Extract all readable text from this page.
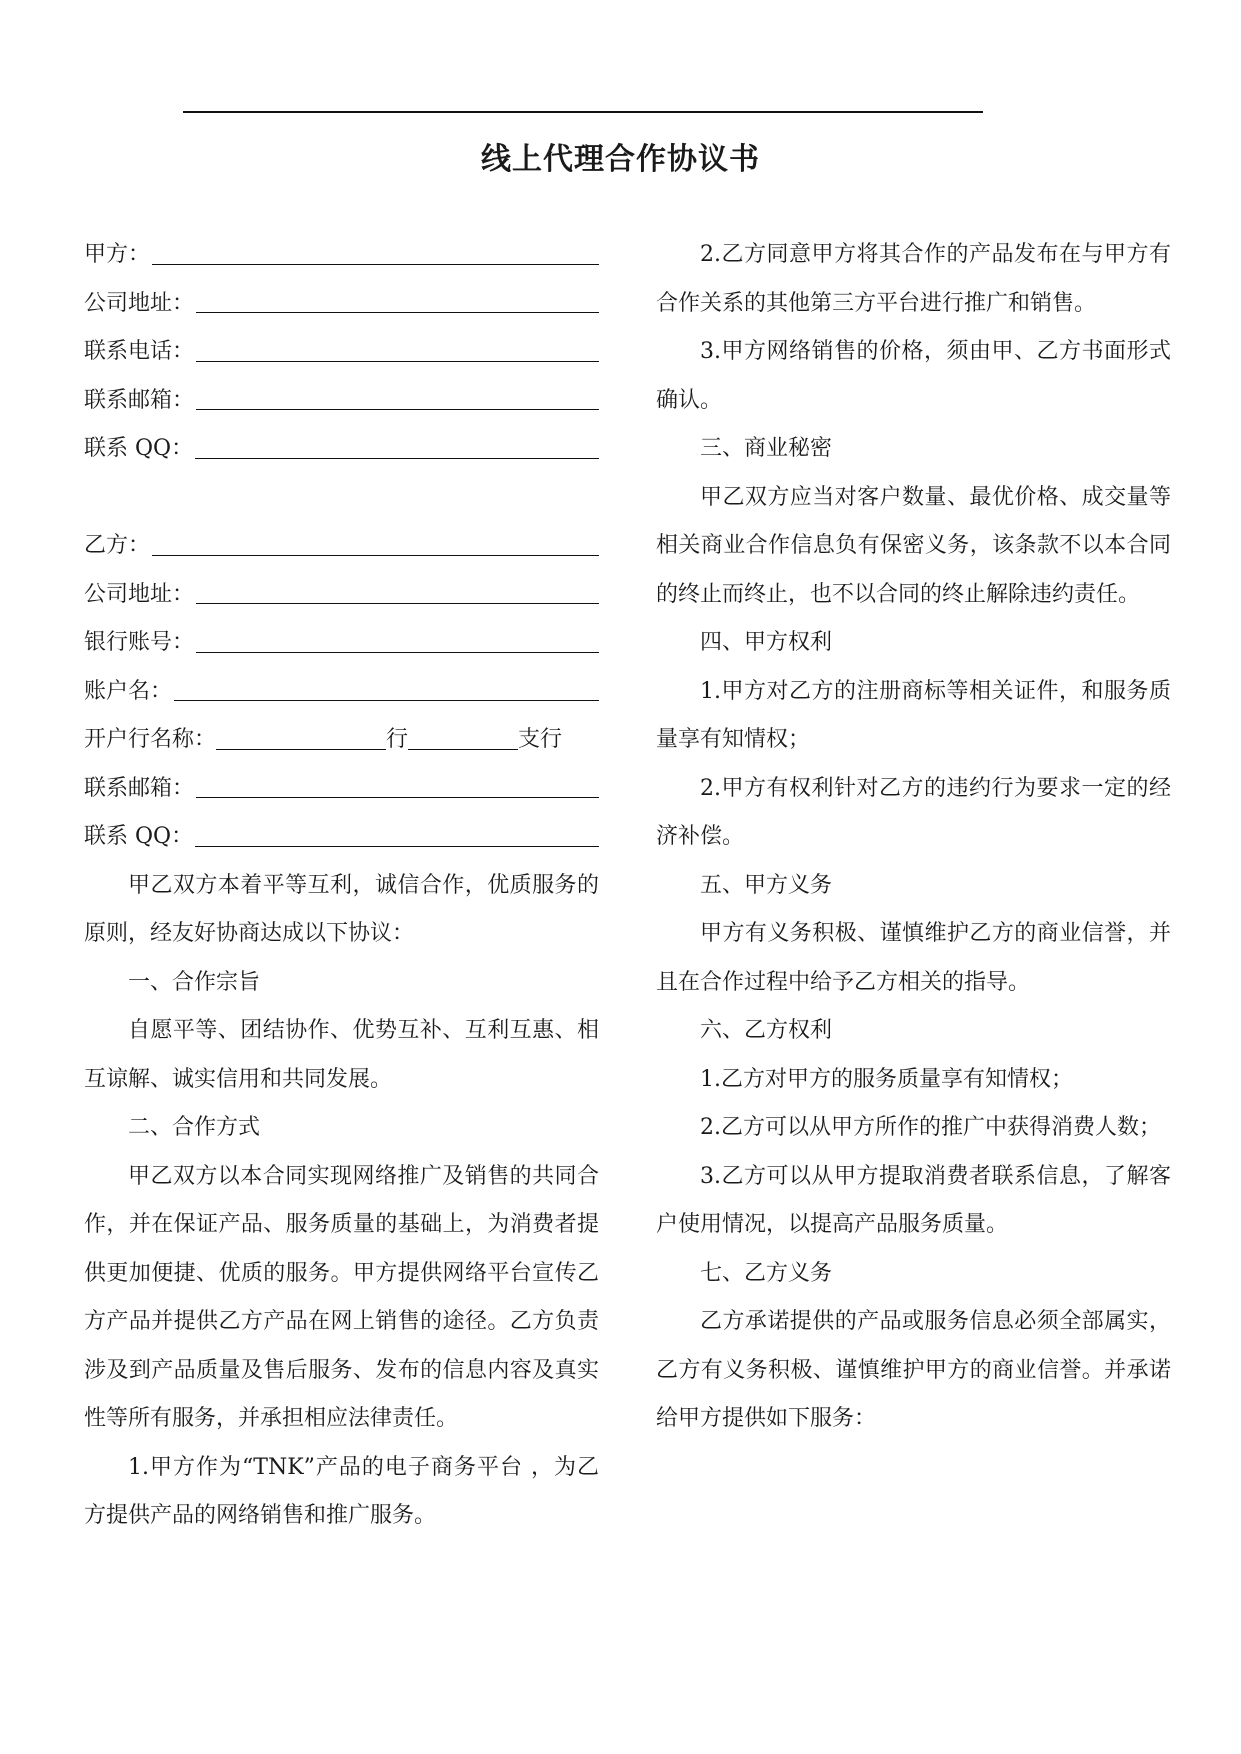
线上代理合作协议书
甲方：
公司地址：
联系电话：
联系邮箱：
联系 QQ：
乙方：
公司地址：
银行账号：
账户名：
开户行名称：	行	支行
联系邮箱：
联系 QQ：

甲乙双方本着平等互利，诚信合作，优质服务的原则，经友好协商达成以下协议：

一、合作宗旨

自愿平等、团结协作、优势互补、互利互惠、相互谅解、诚实信用和共同发展。

二、合作方式

甲乙双方以本合同实现网络推广及销售的共同合作，并在保证产品、服务质量的基础上，为消费者提供更加便捷、优质的服务。甲方提供网络平台宣传乙方产品并提供乙方产品在网上销售的途径。乙方负责涉及到产品质量及售后服务、发布的信息内容及真实性等所有服务，并承担相应法律责任。

1.甲方作为“TNK”产品的电子商务平台 ，为乙方提供产品的网络销售和推广服务。

2.乙方同意甲方将其合作的产品发布在与甲方有合作关系的其他第三方平台进行推广和销售。

3.甲方网络销售的价格，须由甲、乙方书面形式确认。

三、商业秘密

甲乙双方应当对客户数量、最优价格、成交量等相关商业合作信息负有保密义务，该条款不以本合同的终止而终止，也不以合同的终止解除违约责任。

四、甲方权利

1.甲方对乙方的注册商标等相关证件，和服务质量享有知情权；

2.甲方有权利针对乙方的违约行为要求一定的经济补偿。

五、甲方义务

甲方有义务积极、谨慎维护乙方的商业信誉，并且在合作过程中给予乙方相关的指导。

六、乙方权利

1.乙方对甲方的服务质量享有知情权；

2.乙方可以从甲方所作的推广中获得消费人数；

3.乙方可以从甲方提取消费者联系信息，了解客户使用情况，以提高产品服务质量。

七、乙方义务

乙方承诺提供的产品或服务信息必须全部属实，乙方有义务积极、谨慎维护甲方的商业信誉。并承诺给甲方提供如下服务：
